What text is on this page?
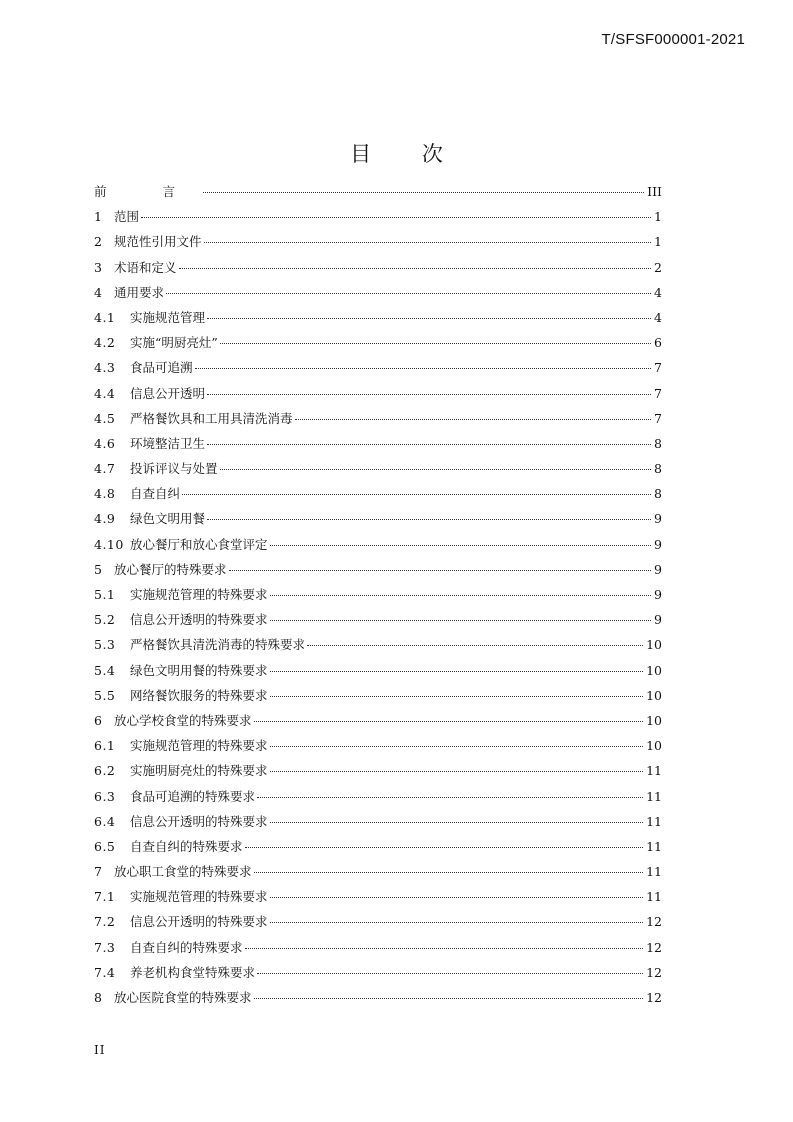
T/SFSF000001-2021
目 次
前 言	III
1 范围	1
2 规范性引用文件	1
3 术语和定义	2
4 通用要求	4
4.1	实施规范管理	4
4.2	实施“明厨亮灶”	6
4.3	食品可追溯	7
4.4	信息公开透明	7
4.5	严格餐饮具和工用具清洗消毒	7
4.6	环境整洁卫生	8
4.7	投诉评议与处置	8
4.8	自查自纠	8
4.9	绿色文明用餐	9
4.10 放心餐厅和放心食堂评定	9
5 放心餐厅的特殊要求	9
5.1	实施规范管理的特殊要求	9
5.2	信息公开透明的特殊要求	9
5.3	严格餐饮具清洗消毒的特殊要求	10
5.4	绿色文明用餐的特殊要求	10
5.5	网络餐饮服务的特殊要求	10
6 放心学校食堂的特殊要求	10
6.1	实施规范管理的特殊要求	10
6.2	实施明厨亮灶的特殊要求	11
6.3	食品可追溯的特殊要求	11
6.4	信息公开透明的特殊要求	11
6.5	自查自纠的特殊要求	11
7 放心职工食堂的特殊要求	11
7.1	实施规范管理的特殊要求	11
7.2	信息公开透明的特殊要求	12
7.3	自查自纠的特殊要求	12
7.4	养老机构食堂特殊要求	12
8 放心医院食堂的特殊要求	12
II
